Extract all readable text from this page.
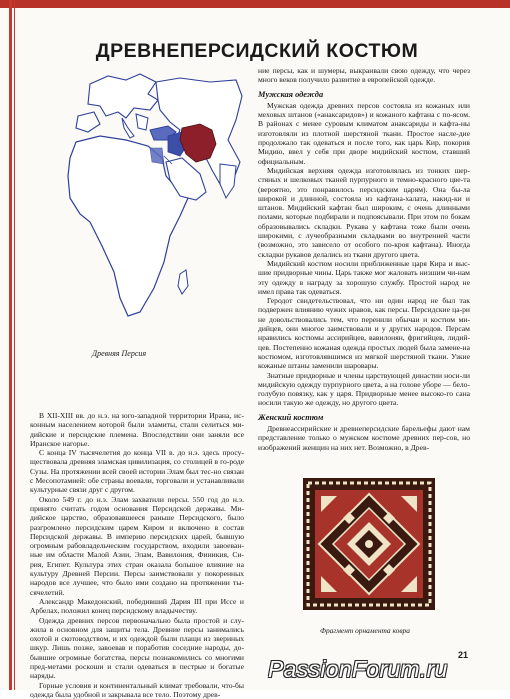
ДРЕВНЕПЕРСИДСКИЙ КОСТЮМ
Древняя Персия

В XII-XIII вв. до н.э. на юго-западной территории Ирана, ис-конным населением которой были эламиты, стали селиться ми-дийские и персидские племена. Впоследствии они заняли все Иранское нагорье.

С конца IV тысячелетия до конца VII в. до н.э. здесь просу-ществовала древняя эламская цивилизация, со столицей в го-роде Сузы. На протяжении всей своей истории Элам был тес-но связан с Месопотамией: обе страны воевали, торговали и устанавливали культурные связи друг с другом.

Около 549 г. до н.э. Элам захватили персы. 550 год до н.э. принято считать годом основания Персидской державы. Ми-дийское царство, образовавшееся раньше Персидского, было разгромлено персидским царем Киром и включено в состав Персидской державы. В империю персидских царей, бывшую огромным рабовладельческим государством, входили завоеван-ные им области Малой Азии, Элам, Вавилония, Финикия, Си-рия, Египет. Культура этих стран оказала большое влияние на культуру Древней Персии. Персы заимствовали у покоренных народов все лучшее, что было ими создано на протяжении ты-сячелетий.

Александр Македонский, победивший Дария III при Иссе и Арбелах, положил конец персидскому владычеству.

Одежда древних персов первоначально была простой и слу-жила в основном для защиты тела. Древние персы занимались охотой и скотоводством, и их одеждой были плащи из звериных шкур. Лишь позже, завоевав и поработив соседние народы, до-бывшие огромные богатства, персы познакомились со многими пред-метами роскоши и стали одеваться в пестрые и богатые наряды.

Горные условия и континентальный климат требовали, что-бы одежда была удобной и закрывала все тело. Поэтому древ-

ние персы, как и шумеры, выкраивали свою одежду, что через много веков получило развитие в европейской одежде.

Мужская одежда

Мужская одежда древних персов состояла из кожаных или меховых штанов («анаксаридов») и кожаного кафтана с по-ясом. В районах с менее суровым климатом анаксариды и кафта-ны изготовляли из плотной шерстяной ткани. Простое насле-дие продолжало так одеваться и после того, как царь Кир, покорив Мидию, ввел у себя при дворе мидийский костюм, ставший официальным.

Мидийская верхняя одежда изготовлялась из тонких шер-стяных и шелковых тканей пурпурного и темно-красного цве-та (вероятно, это понравилось персидским царям). Она бы-ла широкой и длинной, состояла из кафтана-халата, накид-ки и штанов. Мидийский кафтан был широким, с очень длинными полами, которые подбирали и подпоясывали. При этом по бокам образовывались складки. Рукава у кафтана тоже были очень широкими, с лучеобразными складками во внутренней части (возможно, это зависело от особого по-кроя кафтана). Иногда складки рукавов делались из ткани другого цвета.

Мидийский костюм носили приближенные царя Кира и выс-шие придворные чины. Царь также мог жаловать низшим чи-нам эту одежду в награду за хорошую службу. Простой народ не имел права так одеваться.

Геродот свидетельствовал, что ни один народ не был так подвержен влиянию чужих нравов, как персы. Персидские ца-ри не довольствовались тем, что перенили обычаи и костюм ми-дийцев, они многое заимствовали и у других народов. Персам нравились костюмы ассирийцев, вавилонян, фригийцев, лидий-цев. Постепенно кожаная одежда простых людей была замене-на костюмом, изготовлявшимся из мягкой шерстяной ткани. Узкие кожаные штаны заменили шаровары.

Знатные придворные и члены царствующей династии носи-ли мидийскую одежду пурпурного цвета, а на голове уборе — бело-голубую повязку, как у царя. Придворные менее высоко-го сана носили такую же одежду, но другого цвета.

Женский костюм

Древнеассирийские и древнеперсидские барельефы дают нам представление только о мужском костюме древних пер-сов, но изображений женщин на них нет. Возможно, в Древ-

Фрагмент орнамента ковра
21
PassionForum.ru
